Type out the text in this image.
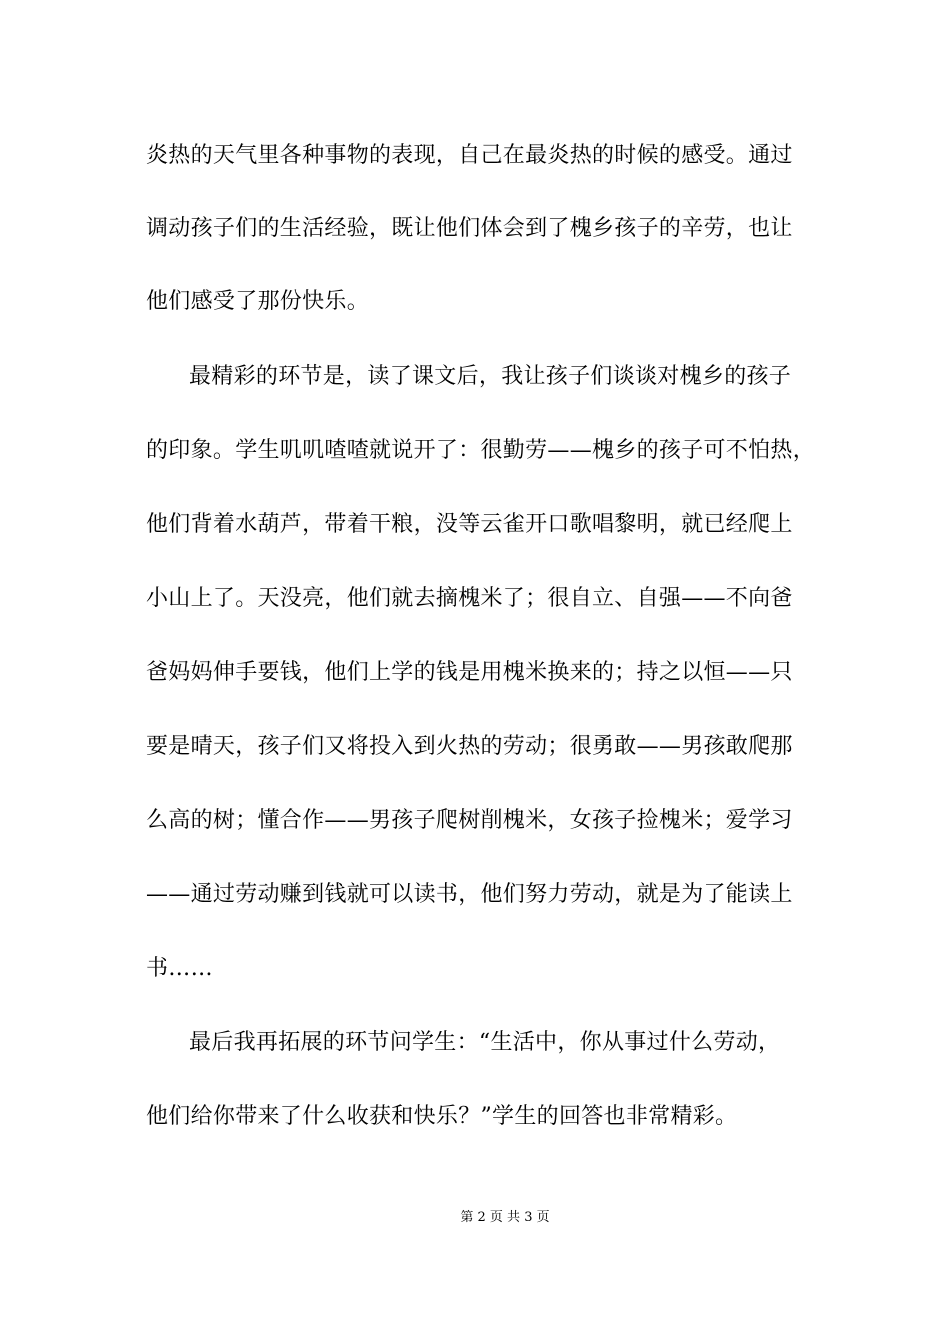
炎热的天气里各种事物的表现，自己在最炎热的时候的感受。通过
调动孩子们的生活经验，既让他们体会到了槐乡孩子的辛劳，也让
他们感受了那份快乐。
最精彩的环节是，读了课文后，我让孩子们谈谈对槐乡的孩子
的印象。学生叽叽喳喳就说开了：很勤劳——槐乡的孩子可不怕热，
他们背着水葫芦，带着干粮，没等云雀开口歌唱黎明，就已经爬上
小山上了。天没亮，他们就去摘槐米了；很自立、自强——不向爸
爸妈妈伸手要钱，他们上学的钱是用槐米换来的；持之以恒——只
要是晴天，孩子们又将投入到火热的劳动；很勇敢——男孩敢爬那
么高的树；懂合作——男孩子爬树削槐米，女孩子捡槐米；爱学习
——通过劳动赚到钱就可以读书，他们努力劳动，就是为了能读上
书……
最后我再拓展的环节问学生：“生活中，你从事过什么劳动，
他们给你带来了什么收获和快乐？”学生的回答也非常精彩。
第 2 页 共 3 页
